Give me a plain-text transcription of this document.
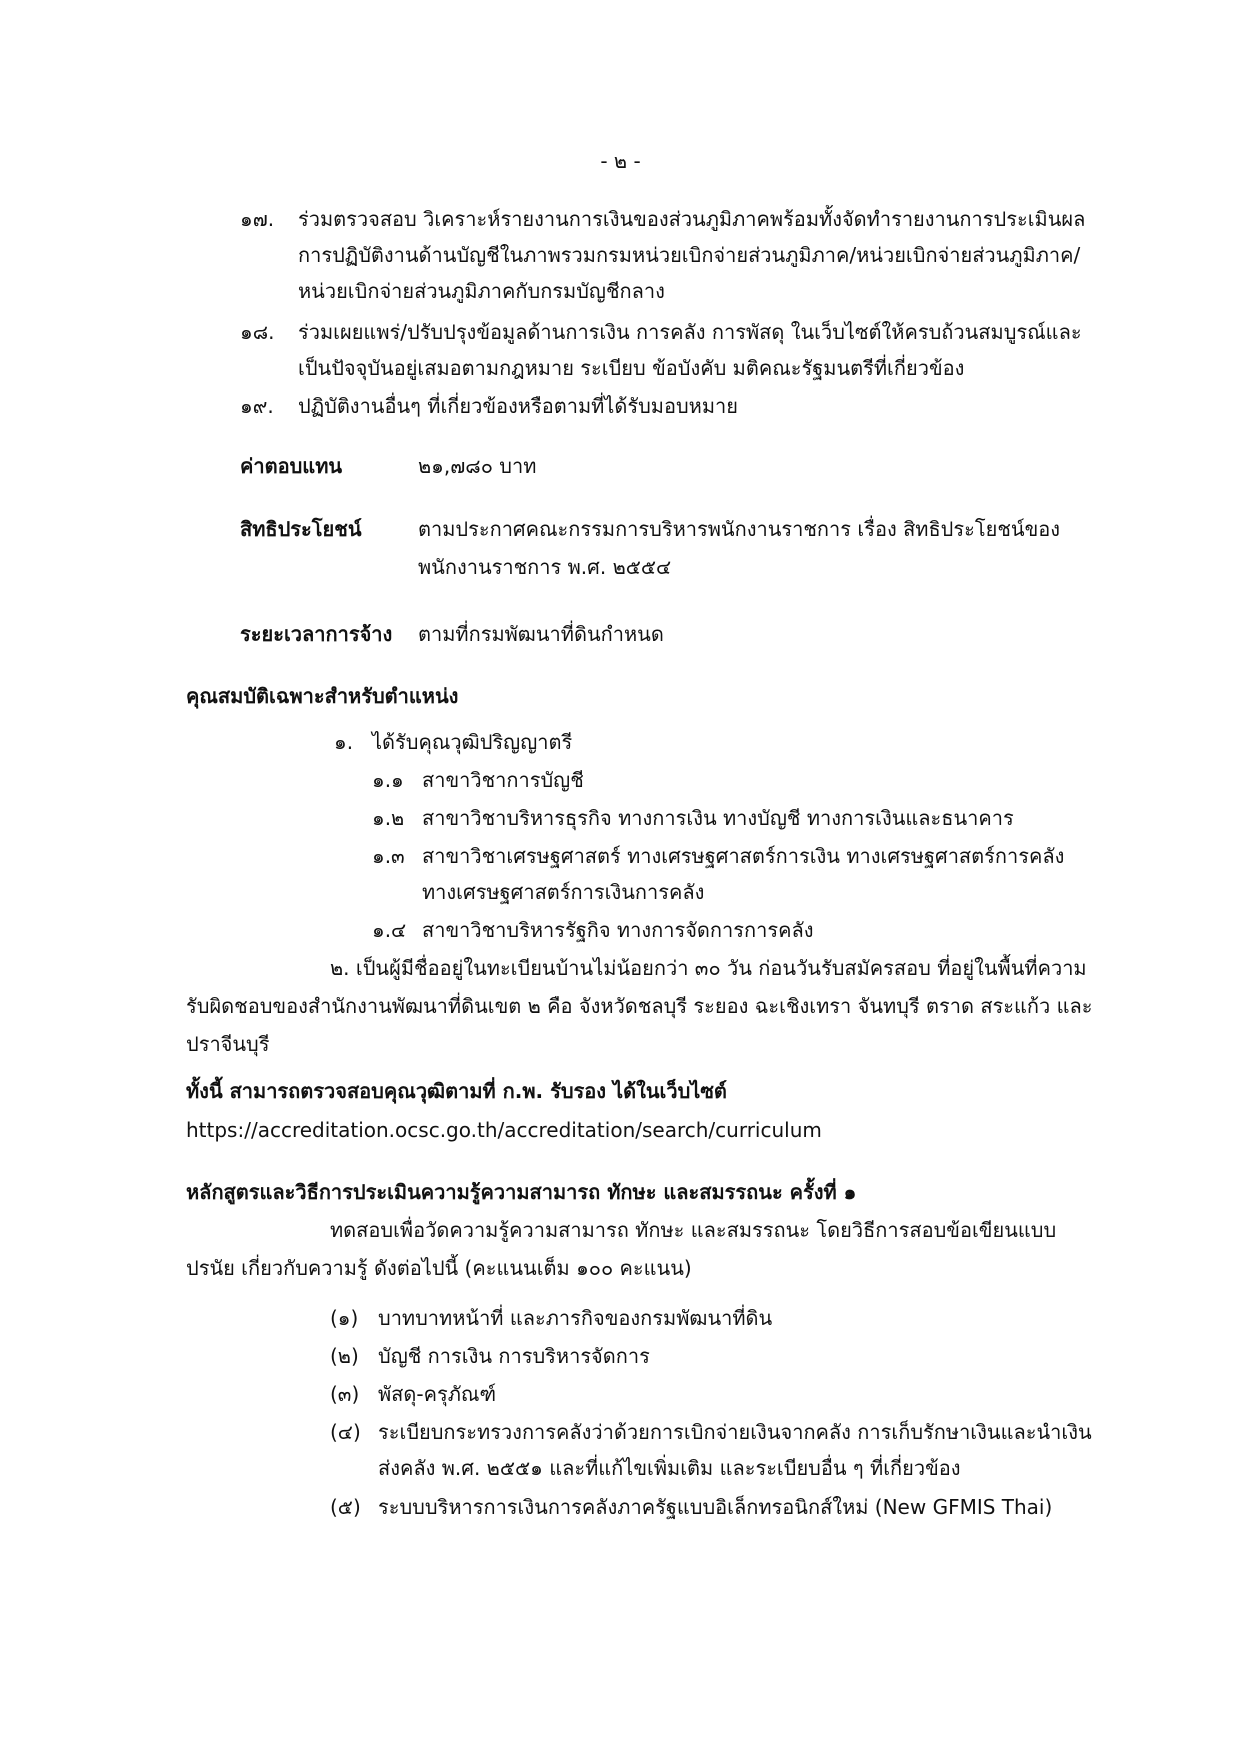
- ๒ -
๑๗. ร่วมตรวจสอบ วิเคราะห์รายงานการเงินของส่วนภูมิภาคพร้อมทั้งจัดทำรายงานการประเมินผล
การปฏิบัติงานด้านบัญชีในภาพรวมกรมหน่วยเบิกจ่ายส่วนภูมิภาค/หน่วยเบิกจ่ายส่วนภูมิภาค/
หน่วยเบิกจ่ายส่วนภูมิภาคกับกรมบัญชีกลาง
๑๘. ร่วมเผยแพร่/ปรับปรุงข้อมูลด้านการเงิน การคลัง การพัสดุ ในเว็บไซต์ให้ครบถ้วนสมบูรณ์และ
เป็นปัจจุบันอยู่เสมอตามกฎหมาย ระเบียบ ข้อบังคับ มติคณะรัฐมนตรีที่เกี่ยวข้อง
๑๙. ปฏิบัติงานอื่นๆ ที่เกี่ยวข้องหรือตามที่ได้รับมอบหมาย
ค่าตอบแทน	๒๑,๗๘๐ บาท
สิทธิประโยชน์	ตามประกาศคณะกรรมการบริหารพนักงานราชการ เรื่อง สิทธิประโยชน์ของ
พนักงานราชการ พ.ศ. ๒๕๕๔
ระยะเวลาการจ้าง ตามที่กรมพัฒนาที่ดินกำหนด
คุณสมบัติเฉพาะสำหรับตำแหน่ง
๑. ได้รับคุณวุฒิปริญญาตรี
๑.๑ สาขาวิชาการบัญชี
๑.๒ สาขาวิชาบริหารธุรกิจ ทางการเงิน ทางบัญชี ทางการเงินและธนาคาร
๑.๓ สาขาวิชาเศรษฐศาสตร์ ทางเศรษฐศาสตร์การเงิน ทางเศรษฐศาสตร์การคลัง
ทางเศรษฐศาสตร์การเงินการคลัง
๑.๔ สาขาวิชาบริหารรัฐกิจ ทางการจัดการการคลัง
๒. เป็นผู้มีชื่ออยู่ในทะเบียนบ้านไม่น้อยกว่า ๓๐ วัน ก่อนวันรับสมัครสอบ ที่อยู่ในพื้นที่ความ
รับผิดชอบของสำนักงานพัฒนาที่ดินเขต ๒ คือ จังหวัดชลบุรี ระยอง ฉะเชิงเทรา จันทบุรี ตราด สระแก้ว และ
ปราจีนบุรี
ทั้งนี้ สามารถตรวจสอบคุณวุฒิตามที่ ก.พ. รับรอง ได้ในเว็บไซต์
https://accreditation.ocsc.go.th/accreditation/search/curriculum
หลักสูตรและวิธีการประเมินความรู้ความสามารถ ทักษะ และสมรรถนะ ครั้งที่ ๑
ทดสอบเพื่อวัดความรู้ความสามารถ ทักษะ และสมรรถนะ โดยวิธีการสอบข้อเขียนแบบ
ปรนัย เกี่ยวกับความรู้ ดังต่อไปนี้ (คะแนนเต็ม ๑๐๐ คะแนน)
(๑) บาทบาทหน้าที่ และภารกิจของกรมพัฒนาที่ดิน
(๒) บัญชี การเงิน การบริหารจัดการ
(๓) พัสดุ-ครุภัณฑ์
(๔) ระเบียบกระทรวงการคลังว่าด้วยการเบิกจ่ายเงินจากคลัง การเก็บรักษาเงินและนำเงิน
ส่งคลัง พ.ศ. ๒๕๕๑ และที่แก้ไขเพิ่มเติม และระเบียบอื่น ๆ ที่เกี่ยวข้อง
(๕) ระบบบริหารการเงินการคลังภาครัฐแบบอิเล็กทรอนิกส์ใหม่ (New GFMIS Thai)
